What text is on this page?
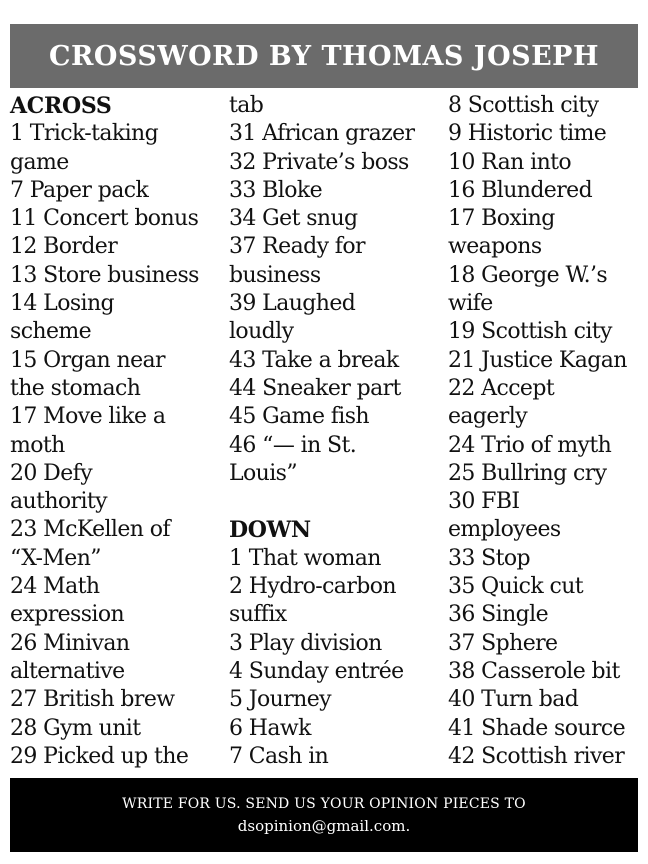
CROSSWORD BY THOMAS JOSEPH
ACROSS
1 Trick-taking
game
7 Paper pack
11 Concert bonus
12 Border
13 Store business
14 Losing
scheme
15 Organ near
the stomach
17 Move like a
moth
20 Defy
authority
23 McKellen of
“X-Men”
24 Math
expression
26 Minivan
alternative
27 British brew
28 Gym unit
29 Picked up the
tab
31 African grazer
32 Private’s boss
33 Bloke
34 Get snug
37 Ready for
business
39 Laughed
loudly
43 Take a break
44 Sneaker part
45 Game fish
46 “— in St.
Louis”
DOWN
1 That woman
2 Hydro-carbon
suffix
3 Play division
4 Sunday entrée
5 Journey
6 Hawk
7 Cash in
8 Scottish city
9 Historic time
10 Ran into
16 Blundered
17 Boxing
weapons
18 George W.’s
wife
19 Scottish city
21 Justice Kagan
22 Accept
eagerly
24 Trio of myth
25 Bullring cry
30 FBI
employees
33 Stop
35 Quick cut
36 Single
37 Sphere
38 Casserole bit
40 Turn bad
41 Shade source
42 Scottish river
WRITE FOR US. SEND US YOUR OPINION PIECES TO
dsopinion@gmail.com.
